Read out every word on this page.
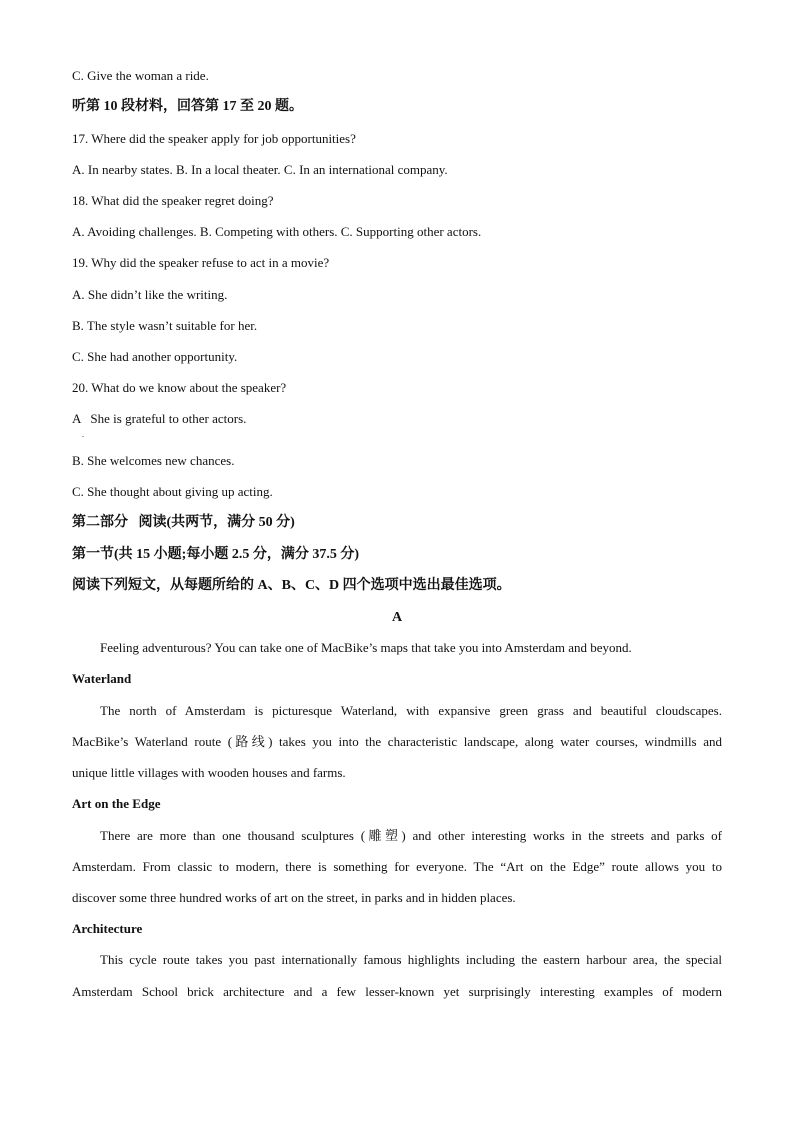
C. Give the woman a ride.
听第 10 段材料，回答第 17 至 20 题。
17. Where did the speaker apply for job opportunities?
A. In nearby states. B. In a local theater. C. In an international company.
18. What did the speaker regret doing?
A. Avoiding challenges. B. Competing with others. C. Supporting other actors.
19. Why did the speaker refuse to act in a movie?
A. She didn’t like the writing.
B. The style wasn’t suitable for her.
C. She had another opportunity.
20. What do we know about the speaker?
A   She is grateful to other actors.
.
B. She welcomes new chances.
C. She thought about giving up acting.
第二部分   阅读(共两节，满分 50 分)
第一节(共 15 小题;每小题 2.5 分，满分 37.5 分)
阅读下列短文，从每题所给的 A、B、C、D 四个选项中选出最佳选项。
A
Feeling adventurous? You can take one of MacBike’s maps that take you into Amsterdam and beyond.
Waterland
The north of Amsterdam is picturesque Waterland, with expansive green grass and beautiful cloudscapes.
MacBike’s Waterland route (路线) takes you into the characteristic landscape, along water courses, windmills and
unique little villages with wooden houses and farms.
Art on the Edge
There are more than one thousand sculptures (雕塑) and other interesting works in the streets and parks of
Amsterdam. From classic to modern, there is something for everyone. The “Art on the Edge” route allows you to
discover some three hundred works of art on the street, in parks and in hidden places.
Architecture
This cycle route takes you past internationally famous highlights including the eastern harbour area, the special
Amsterdam School brick architecture and a few lesser-known yet surprisingly interesting examples of modern
